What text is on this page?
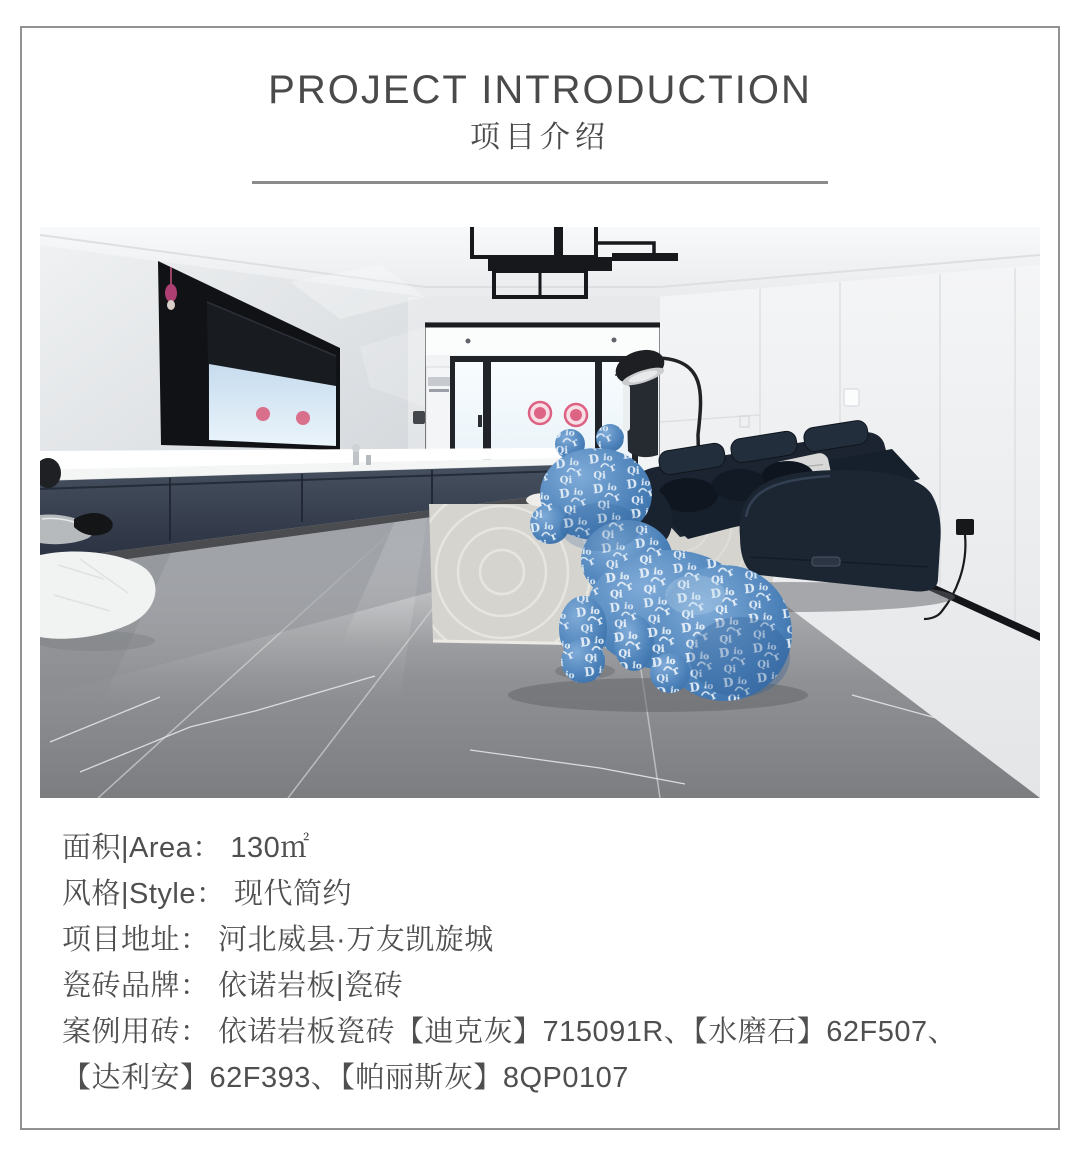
PROJECT INTRODUCTION
项目介绍

面积|Area： 130㎡

风格|Style： 现代简约

项目地址： 河北威县·万友凯旋城

瓷砖品牌： 依诺岩板|瓷砖

案例用砖： 依诺岩板瓷砖【迪克灰】715091R、【水磨石】62F507、

【达利安】62F393、【帕丽斯灰】8QP0107
